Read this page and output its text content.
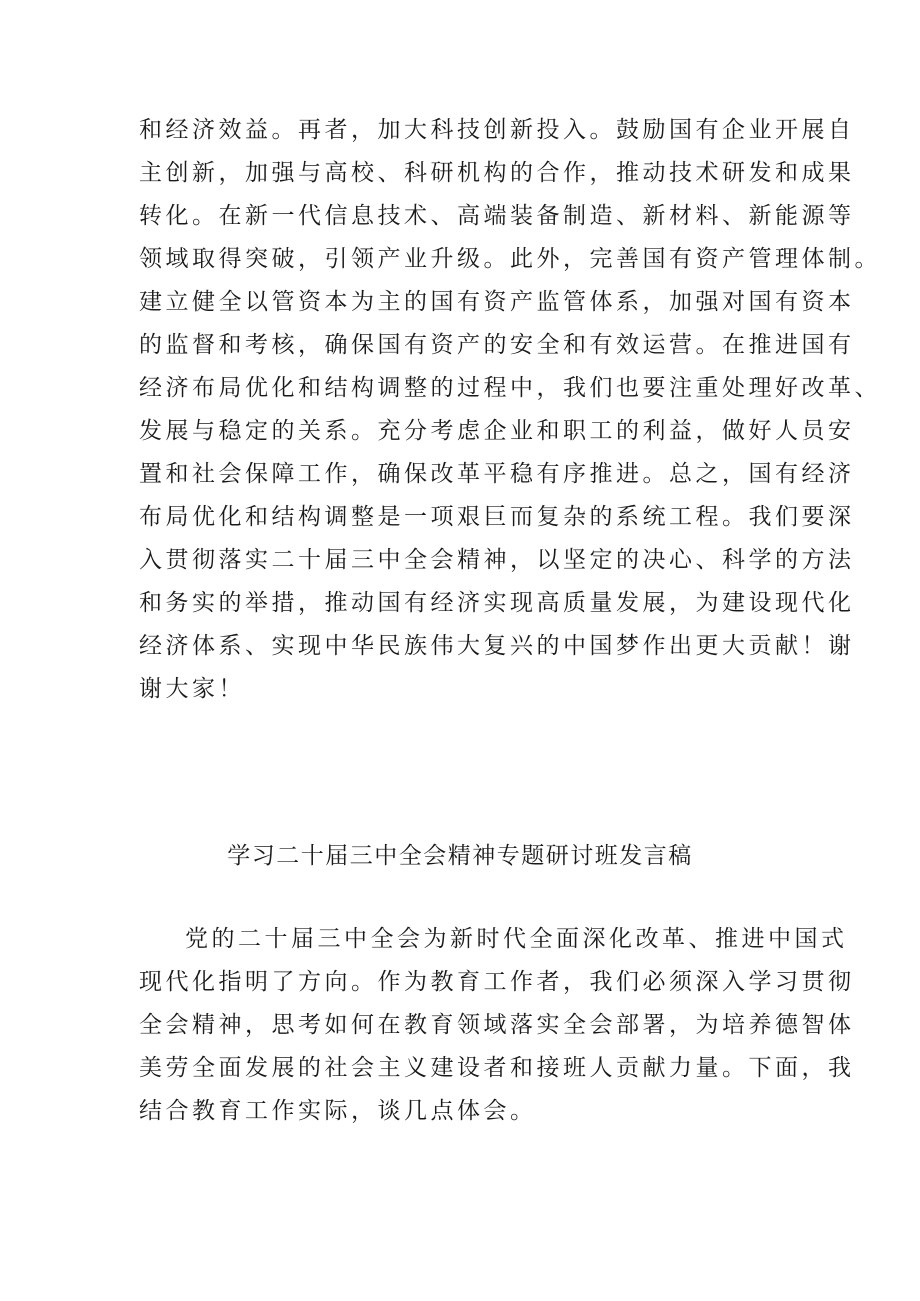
和经济效益。再者，加大科技创新投入。鼓励国有企业开展自
主创新，加强与高校、科研机构的合作，推动技术研发和成果
转化。在新一代信息技术、高端装备制造、新材料、新能源等
领域取得突破，引领产业升级。此外，完善国有资产管理体制。
建立健全以管资本为主的国有资产监管体系，加强对国有资本
的监督和考核，确保国有资产的安全和有效运营。在推进国有
经济布局优化和结构调整的过程中，我们也要注重处理好改革、
发展与稳定的关系。充分考虑企业和职工的利益，做好人员安
置和社会保障工作，确保改革平稳有序推进。总之，国有经济
布局优化和结构调整是一项艰巨而复杂的系统工程。我们要深
入贯彻落实二十届三中全会精神，以坚定的决心、科学的方法
和务实的举措，推动国有经济实现高质量发展，为建设现代化
经济体系、实现中华民族伟大复兴的中国梦作出更大贡献！谢
谢大家！
学习二十届三中全会精神专题研讨班发言稿
党的二十届三中全会为新时代全面深化改革、推进中国式
现代化指明了方向。作为教育工作者，我们必须深入学习贯彻
全会精神，思考如何在教育领域落实全会部署，为培养德智体
美劳全面发展的社会主义建设者和接班人贡献力量。下面，我
结合教育工作实际，谈几点体会。
